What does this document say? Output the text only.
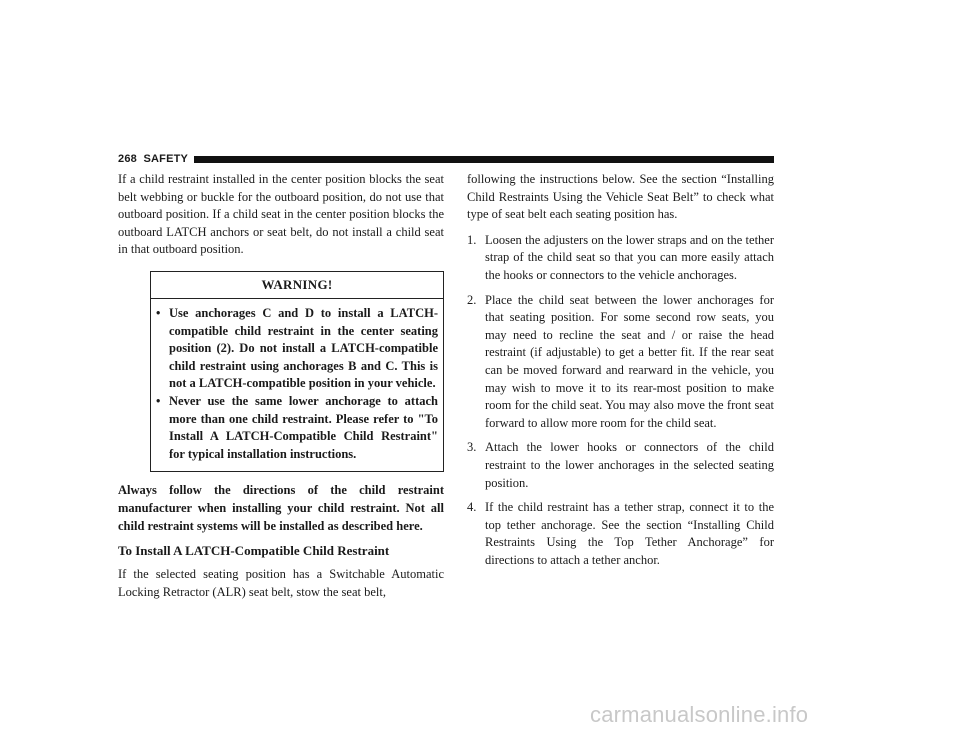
268 SAFETY

If a child restraint installed in the center position blocks the seat belt webbing or buckle for the outboard position, do not use that outboard position. If a child seat in the center position blocks the outboard LATCH anchors or seat belt, do not install a child seat in that outboard position.

WARNING!
• Use anchorages C and D to install a LATCH-compatible child restraint in the center seating position (2). Do not install a LATCH-compatible child restraint using anchorages B and C. This is not a LATCH-compatible position in your vehicle.
• Never use the same lower anchorage to attach more than one child restraint. Please refer to "To Install A LATCH-Compatible Child Restraint" for typical installation instructions.

Always follow the directions of the child restraint manufacturer when installing your child restraint. Not all child restraint systems will be installed as described here.

To Install A LATCH-Compatible Child Restraint

If the selected seating position has a Switchable Automatic Locking Retractor (ALR) seat belt, stow the seat belt,

following the instructions below. See the section “Installing Child Restraints Using the Vehicle Seat Belt” to check what type of seat belt each seating position has.

1. Loosen the adjusters on the lower straps and on the tether strap of the child seat so that you can more easily attach the hooks or connectors to the vehicle anchorages.
2. Place the child seat between the lower anchorages for that seating position. For some second row seats, you may need to recline the seat and / or raise the head restraint (if adjustable) to get a better fit. If the rear seat can be moved forward and rearward in the vehicle, you may wish to move it to its rear-most position to make room for the child seat. You may also move the front seat forward to allow more room for the child seat.
3. Attach the lower hooks or connectors of the child restraint to the lower anchorages in the selected seating position.
4. If the child restraint has a tether strap, connect it to the top tether anchorage. See the section “Installing Child Restraints Using the Top Tether Anchorage” for directions to attach a tether anchor.
carmanualsonline.info
